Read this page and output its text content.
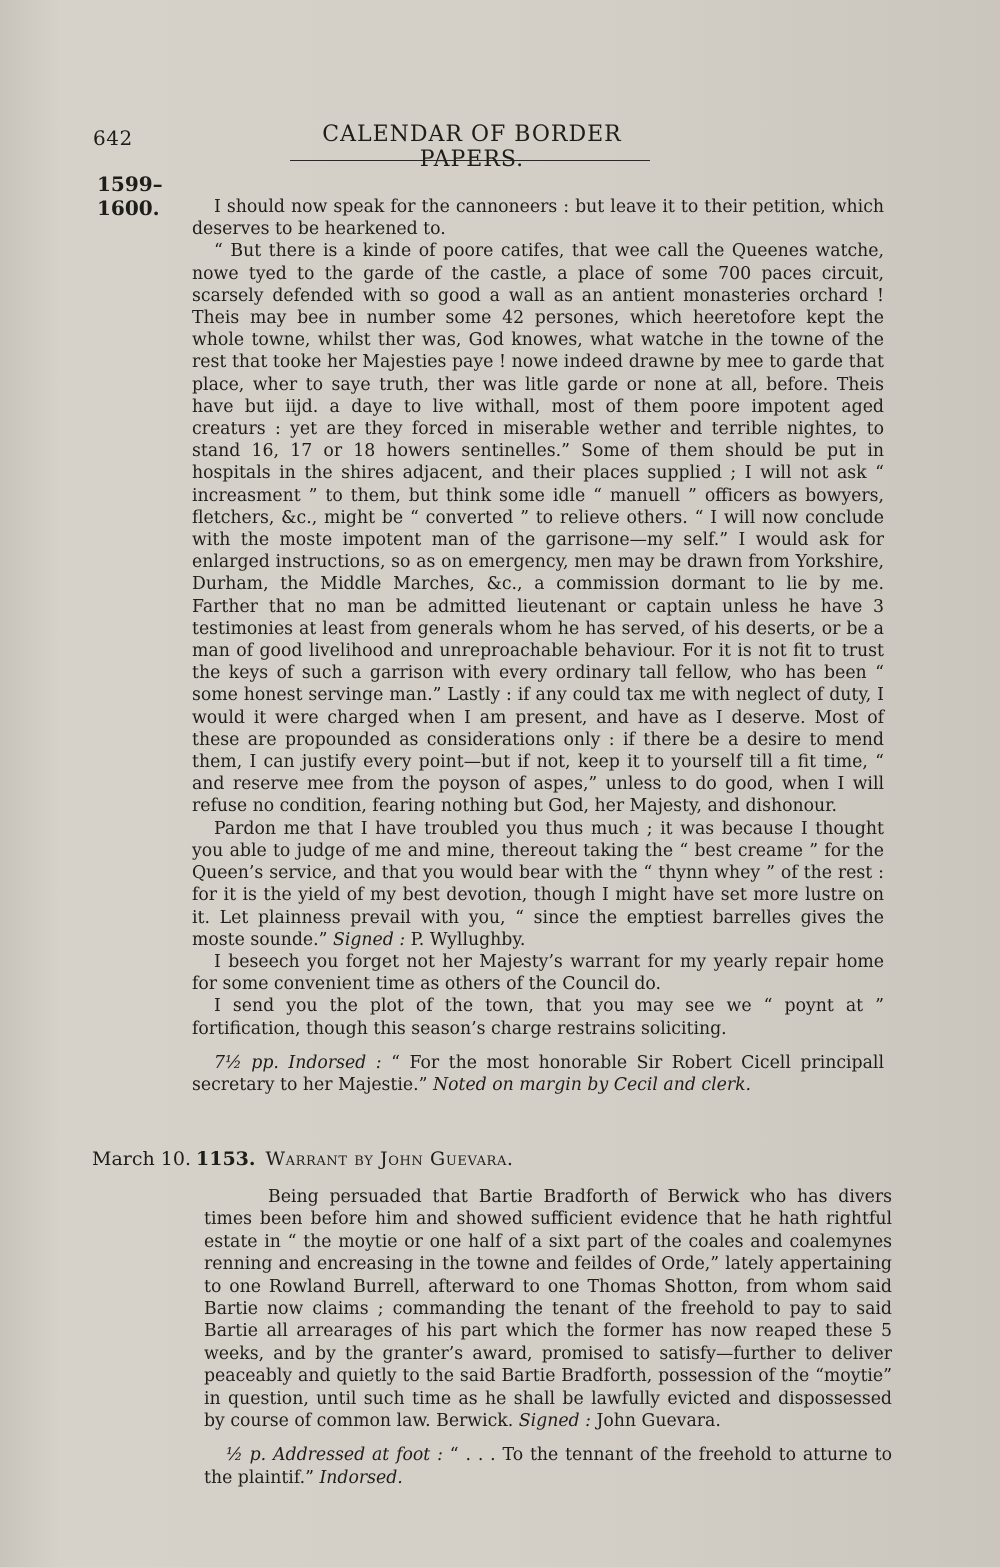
642	CALENDAR OF BORDER PAPERS.
1599–
1600.	I should now speak for the cannoneers : but leave it to their petition, which deserves to be hearkened to.

“ But there is a kinde of poore catifes, that wee call the Queenes watche, nowe tyed to the garde of the castle, a place of some 700 paces circuit, scarsely defended with so good a wall as an antient monasteries orchard ! Theis may bee in number some 42 persones, which heeretofore kept the whole towne, whilst ther was, God knowes, what watche in the towne of the rest that tooke her Majesties paye ! nowe indeed drawne by mee to garde that place, wher to saye truth, ther was litle garde or none at all, before. Theis have but iijd. a daye to live withall, most of them poore impotent aged creaturs : yet are they forced in miserable wether and terrible nightes, to stand 16, 17 or 18 howers sentinelles.” Some of them should be put in hospitals in the shires adjacent, and their places supplied ; I will not ask “ increasment ” to them, but think some idle “ manuell ” officers as bowyers, fletchers, &c., might be “ converted ” to relieve others. “ I will now conclude with the moste impotent man of the garrisone—my self.” I would ask for enlarged instructions, so as on emergency, men may be drawn from Yorkshire, Durham, the Middle Marches, &c., a commission dormant to lie by me. Farther that no man be admitted lieutenant or captain unless he have 3 testimonies at least from generals whom he has served, of his deserts, or be a man of good livelihood and unreproachable behaviour. For it is not fit to trust the keys of such a garrison with every ordinary tall fellow, who has been “ some honest servinge man.” Lastly : if any could tax me with neglect of duty, I would it were charged when I am present, and have as I deserve. Most of these are propounded as considerations only : if there be a desire to mend them, I can justify every point—but if not, keep it to yourself till a fit time, “ and reserve mee from the poyson of aspes,” unless to do good, when I will refuse no condition, fearing nothing but God, her Majesty, and dishonour.

Pardon me that I have troubled you thus much ; it was because I thought you able to judge of me and mine, thereout taking the “ best creame ” for the Queen’s service, and that you would bear with the “ thynn whey ” of the rest : for it is the yield of my best devotion, though I might have set more lustre on it. Let plainness prevail with you, “ since the emptiest barrelles gives the moste sounde.” Signed : P. Wyllughby.

I beseech you forget not her Majesty’s warrant for my yearly repair home for some convenient time as others of the Council do.

I send you the plot of the town, that you may see we “ poynt at ” fortification, though this season’s charge restrains soliciting.

7½ pp. Indorsed : “ For the most honorable Sir Robert Cicell principall secretary to her Majestie.” Noted on margin by Cecil and clerk.

March 10. 1153. Warrant by John Guevara.

Being persuaded that Bartie Bradforth of Berwick who has divers times been before him and showed sufficient evidence that he hath rightful estate in “ the moytie or one half of a sixt part of the coales and coalemynes renning and encreasing in the towne and feildes of Orde,” lately appertaining to one Rowland Burrell, afterward to one Thomas Shotton, from whom said Bartie now claims ; commanding the tenant of the freehold to pay to said Bartie all arrearages of his part which the former has now reaped these 5 weeks, and by the granter’s award, promised to satisfy—further to deliver peaceably and quietly to the said Bartie Bradforth, possession of the “moytie” in question, until such time as he shall be lawfully evicted and dispossessed by course of common law. Berwick. Signed : John Guevara.

½ p. Addressed at foot : “ . . . To the tennant of the freehold to atturne to the plaintif.” Indorsed.
